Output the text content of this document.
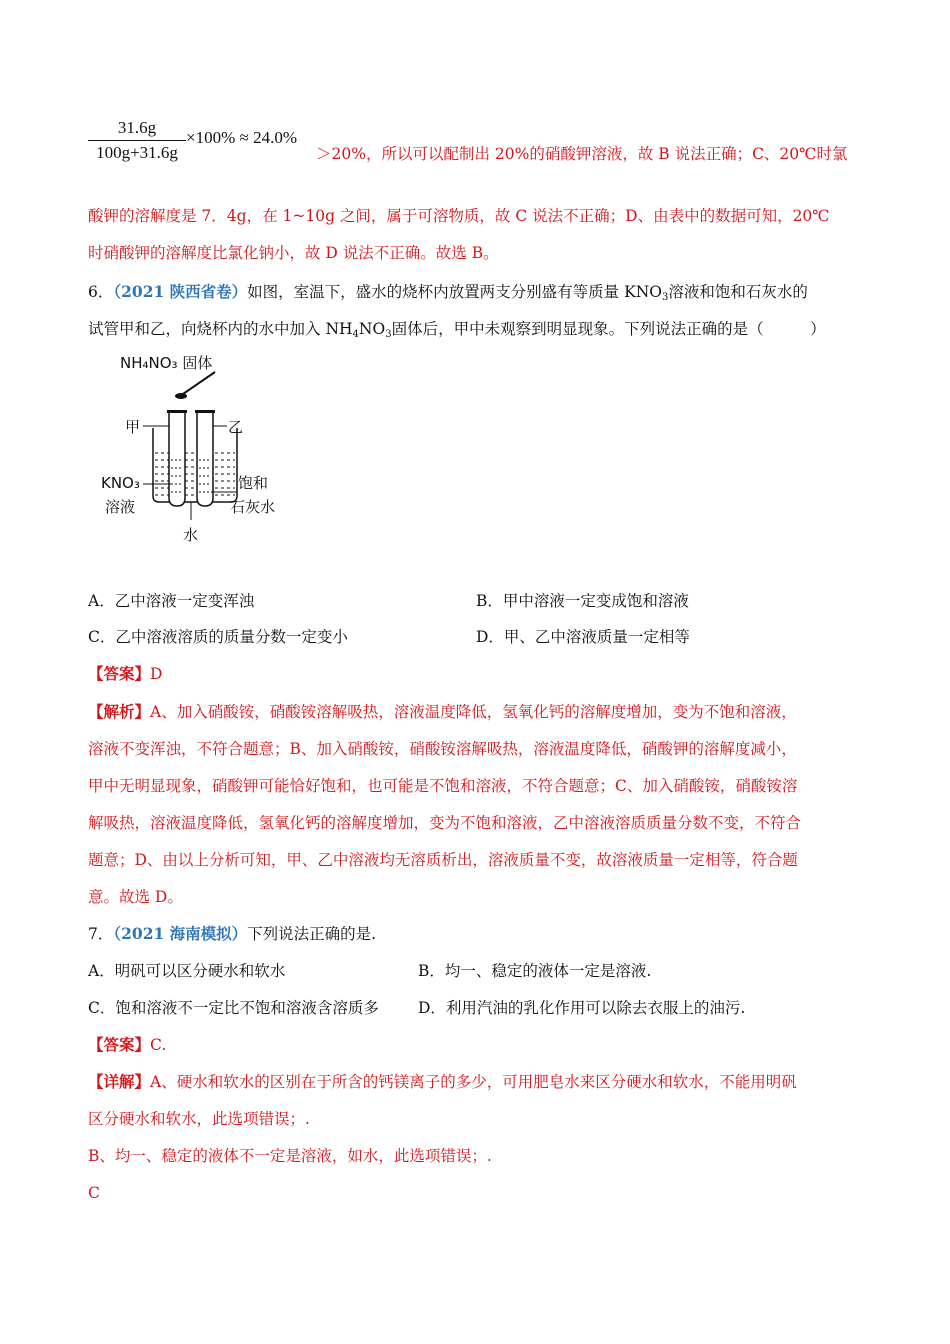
$\frac{31.6g}{100g+31.6g} \times 100\% \approx 24.0\%$
＞20%，所以可以配制出 20%的硝酸钾溶液，故 B 说法正确；C、20℃时氯
酸钾的溶解度是 7．4g，在 1~10g 之间，属于可溶物质，故 C 说法不正确；D、由表中的数据可知，20℃
时硝酸钾的溶解度比氯化钠小，故 D 说法不正确。故选 B。
6．（2021 陕西省卷）如图，室温下，盛水的烧杯内放置两支分别盛有等质量 $KNO_3$溶液和饱和石灰水的
试管甲和乙，向烧杯内的水中加入 $NH_4NO_3$固体后，甲中未观察到明显现象。下列说法正确的是（　　　）
NH₄NO₃ 固体
甲	乙
KNO₃
溶液
饱和
石灰水
水
A．乙中溶液一定变浑浊	B．甲中溶液一定变成饱和溶液
C．乙中溶液溶质的质量分数一定变小	D．甲、乙中溶液质量一定相等
【答案】D
【解析】A、加入硝酸铵，硝酸铵溶解吸热，溶液温度降低，氢氧化钙的溶解度增加，变为不饱和溶液，
溶液不变浑浊，不符合题意；B、加入硝酸铵，硝酸铵溶解吸热，溶液温度降低，硝酸钾的溶解度减小，
甲中无明显现象，硝酸钾可能恰好饱和，也可能是不饱和溶液，不符合题意；C、加入硝酸铵，硝酸铵溶
解吸热，溶液温度降低，氢氧化钙的溶解度增加，变为不饱和溶液，乙中溶液溶质质量分数不变，不符合
题意；D、由以上分析可知，甲、乙中溶液均无溶质析出，溶液质量不变，故溶液质量一定相等，符合题
意。故选 D。
7．（2021 海南模拟）下列说法正确的是.
A．明矾可以区分硬水和软水	B．均一、稳定的液体一定是溶液.
C．饱和溶液不一定比不饱和溶液含溶质多	D．利用汽油的乳化作用可以除去衣服上的油污.
【答案】C.
【详解】A、硬水和软水的区别在于所含的钙镁离子的多少，可用肥皂水来区分硬水和软水，不能用明矾
区分硬水和软水，此选项错误；.
B、均一、稳定的液体不一定是溶液，如水，此选项错误；.
C
